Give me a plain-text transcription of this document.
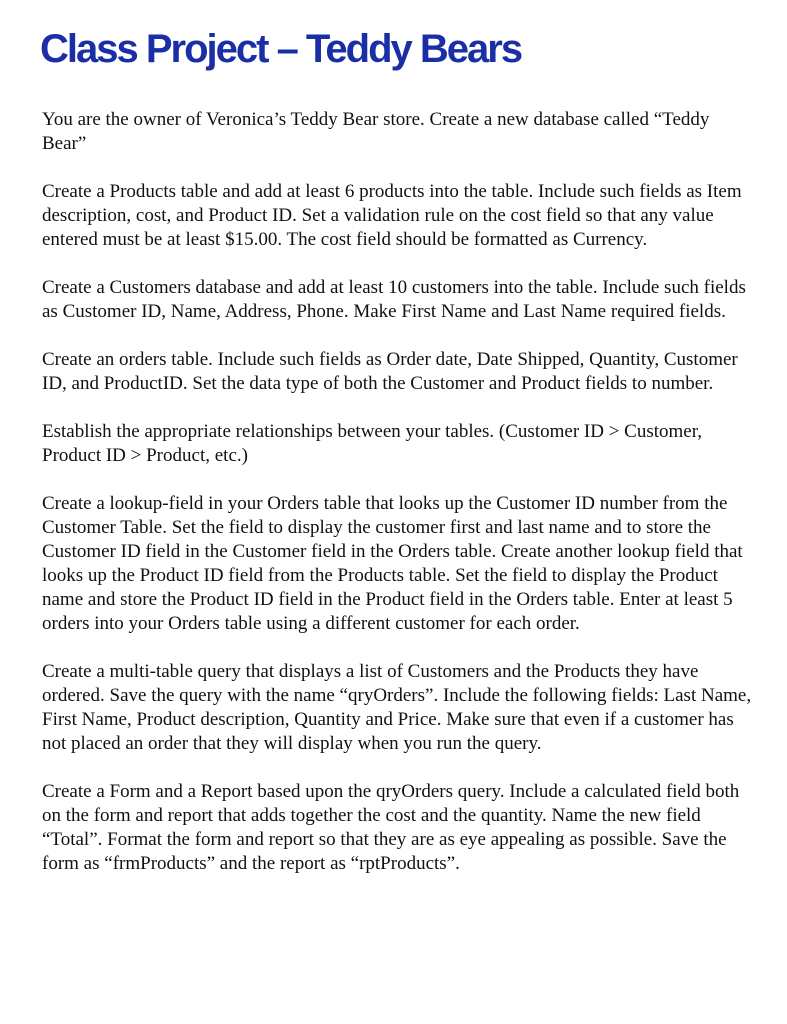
Class Project – Teddy Bears

You are the owner of Veronica’s Teddy Bear store. Create a new database called “Teddy Bear”

Create a Products table and add at least 6 products into the table. Include such fields as Item description, cost, and Product ID. Set a validation rule on the cost field so that any value entered must be at least $15.00. The cost field should be formatted as Currency.

Create a Customers database and add at least 10 customers into the table. Include such fields as Customer ID, Name, Address, Phone. Make First Name and Last Name required fields.

Create an orders table. Include such fields as Order date, Date Shipped, Quantity, Customer ID, and ProductID. Set the data type of both the Customer and Product fields to number.

Establish the appropriate relationships between your tables. (Customer ID > Customer, Product ID > Product, etc.)

Create a lookup-field in your Orders table that looks up the Customer ID number from the Customer Table. Set the field to display the customer first and last name and to store the Customer ID field in the Customer field in the Orders table. Create another lookup field that looks up the Product ID field from the Products table. Set the field to display the Product name and store the Product ID field in the Product field in the Orders table. Enter at least 5 orders into your Orders table using a different customer for each order.

Create a multi-table query that displays a list of Customers and the Products they have ordered. Save the query with the name “qryOrders”. Include the following fields: Last Name, First Name, Product description, Quantity and Price. Make sure that even if a customer has not placed an order that they will display when you run the query.

Create a Form and a Report based upon the qryOrders query. Include a calculated field both on the form and report that adds together the cost and the quantity. Name the new field “Total”. Format the form and report so that they are as eye appealing as possible. Save the form as “frmProducts” and the report as “rptProducts”.
